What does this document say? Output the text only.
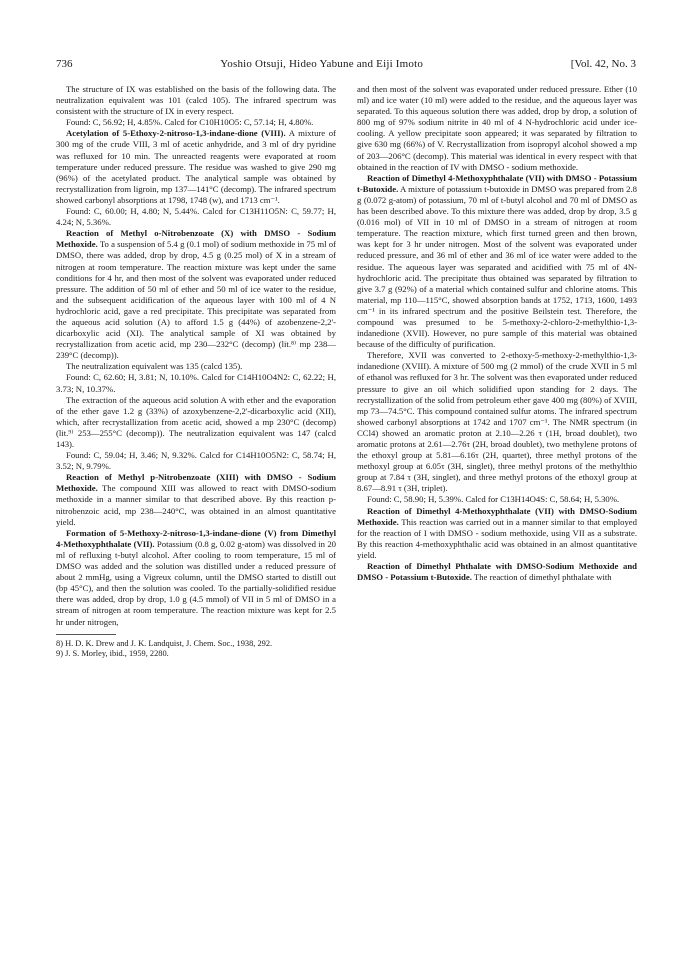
736	Yoshio Otsuji, Hideo Yabune and Eiji Imoto	[Vol. 42, No. 3

The structure of IX was established on the basis of the following data. The neutralization equivalent was 101 (calcd 105). The infrared spectrum was consistent with the structure of IX in every respect.

Found: C, 56.92; H, 4.85%. Calcd for C10H10O5: C, 57.14; H, 4.80%.

Acetylation of 5-Ethoxy-2-nitroso-1,3-indane-dione (VIII). A mixture of 300 mg of the crude VIII, 3 ml of acetic anhydride, and 3 ml of dry pyridine was refluxed for 10 min. The unreacted reagents were evaporated at room temperature under reduced pressure. The residue was washed to give 290 mg (96%) of the acetylated product. The analytical sample was obtained by recrystallization from ligroin, mp 137—141°C (decomp). The infrared spectrum showed carbonyl absorptions at 1798, 1748 (w), and 1713 cm⁻¹.

Found: C, 60.00; H, 4.80; N, 5.44%. Calcd for C13H11O5N: C, 59.77; H, 4.24; N, 5.36%.

Reaction of Methyl o-Nitrobenzoate (X) with DMSO - Sodium Methoxide. To a suspension of 5.4 g (0.1 mol) of sodium methoxide in 75 ml of DMSO, there was added, drop by drop, 4.5 g (0.25 mol) of X in a stream of nitrogen at room temperature. The reaction mixture was kept under the same conditions for 4 hr, and then most of the solvent was evaporated under reduced pressure. The addition of 50 ml of ether and 50 ml of ice water to the residue, and the subsequent acidification of the aqueous layer with 100 ml of 4 N hydrochloric acid, gave a red precipitate. This precipitate was separated from the aqueous acid solution (A) to afford 1.5 g (44%) of azobenzene-2,2'-dicarboxylic acid (XI). The analytical sample of XI was obtained by recrystallization from acetic acid, mp 230—232°C (decomp) (lit.⁸⁾ mp 238—239°C (decomp)).

The neutralization equivalent was 135 (calcd 135).

Found: C, 62.60; H, 3.81; N, 10.10%. Calcd for C14H10O4N2: C, 62.22; H, 3.73; N, 10.37%.

The extraction of the aqueous acid solution A with ether and the evaporation of the ether gave 1.2 g (33%) of azoxybenzene-2,2'-dicarboxylic acid (XII), which, after recrystallization from acetic acid, showed a mp 230°C (decomp) (lit.⁹⁾ 253—255°C (decomp)). The neutralization equivalent was 147 (calcd 143).

Found: C, 59.04; H, 3.46; N, 9.32%. Calcd for C14H10O5N2: C, 58.74; H, 3.52; N, 9.79%.

Reaction of Methyl p-Nitrobenzoate (XIII) with DMSO - Sodium Methoxide. The compound XIII was allowed to react with DMSO-sodium methoxide in a manner similar to that described above. By this reaction p-nitrobenzoic acid, mp 238—240°C, was obtained in an almost quantitative yield.

Formation of 5-Methoxy-2-nitroso-1,3-indane-dione (V) from Dimethyl 4-Methoxyphthalate (VII). Potassium (0.8 g, 0.02 g-atom) was dissolved in 20 ml of refluxing t-butyl alcohol. After cooling to room temperature, 15 ml of DMSO was added and the solution was distilled under a reduced pressure of about 2 mmHg, using a Vigreux column, until the DMSO started to distill out (bp 45°C), and then the solution was cooled. To the partially-solidified residue there was added, drop by drop, 1.0 g (4.5 mmol) of VII in 5 ml of DMSO in a stream of nitrogen at room temperature. The reaction mixture was kept for 2.5 hr under nitrogen,

8) H. D. K. Drew and J. K. Landquist, J. Chem. Soc., 1938, 292.

9) J. S. Morley, ibid., 1959, 2280.

and then most of the solvent was evaporated under reduced pressure. Ether (10 ml) and ice water (10 ml) were added to the residue, and the aqueous layer was separated. To this aqueous solution there was added, drop by drop, a solution of 800 mg of 97% sodium nitrite in 40 ml of 4 N-hydrochloric acid under ice-cooling. A yellow precipitate soon appeared; it was separated by filtration to give 630 mg (66%) of V. Recrystallization from isopropyl alcohol showed a mp of 203—206°C (decomp). This material was identical in every respect with that obtained in the reaction of IV with DMSO - sodium methoxide.

Reaction of Dimethyl 4-Methoxyphthalate (VII) with DMSO - Potassium t-Butoxide. A mixture of potassium t-butoxide in DMSO was prepared from 2.8 g (0.072 g-atom) of potassium, 70 ml of t-butyl alcohol and 70 ml of DMSO as has been described above. To this mixture there was added, drop by drop, 3.5 g (0.016 mol) of VII in 10 ml of DMSO in a stream of nitrogen at room temperature. The reaction mixture, which first turned green and then brown, was kept for 3 hr under nitrogen. Most of the solvent was evaporated under reduced pressure, and 36 ml of ether and 36 ml of ice water were added to the residue. The aqueous layer was separated and acidified with 75 ml of 4N-hydrochloric acid. The precipitate thus obtained was separated by filtration to give 3.7 g (92%) of a material which contained sulfur and chlorine atoms. This material, mp 110—115°C, showed absorption bands at 1752, 1713, 1600, 1493 cm⁻¹ in its infrared spectrum and the positive Beilstein test. Therefore, the compound was presumed to be 5-methoxy-2-chloro-2-methylthio-1,3-indanedione (XVII). However, no pure sample of this material was obtained because of the difficulty of purification.

Therefore, XVII was converted to 2-ethoxy-5-methoxy-2-methylthio-1,3-indanedione (XVIII). A mixture of 500 mg (2 mmol) of the crude XVII in 5 ml of ethanol was refluxed for 3 hr. The solvent was then evaporated under reduced pressure to give an oil which solidified upon standing for 2 days. The recrystallization of the solid from petroleum ether gave 400 mg (80%) of XVIII, mp 73—74.5°C. This compound contained sulfur atoms. The infrared spectrum showed carbonyl absorptions at 1742 and 1707 cm⁻¹. The NMR spectrum (in CCl4) showed an aromatic proton at 2.10—2.26 τ (1H, broad doublet), two aromatic protons at 2.61—2.76τ (2H, broad doublet), two methylene protons of the ethoxyl group at 5.81—6.16τ (2H, quartet), three methyl protons of the methoxyl group at 6.05τ (3H, singlet), three methyl protons of the methylthio group at 7.84 τ (3H, singlet), and three methyl protons of the ethoxyl group at 8.67—8.91 τ (3H, triplet).

Found: C, 58.90; H, 5.39%. Calcd for C13H14O4S: C, 58.64; H, 5.30%.

Reaction of Dimethyl 4-Methoxyphthalate (VII) with DMSO-Sodium Methoxide. This reaction was carried out in a manner similar to that employed for the reaction of I with DMSO - sodium methoxide, using VII as a substrate. By this reaction 4-methoxyphthalic acid was obtained in an almost quantitative yield.

Reaction of Dimethyl Phthalate with DMSO-Sodium Methoxide and DMSO - Potassium t-Butoxide. The reaction of dimethyl phthalate with
